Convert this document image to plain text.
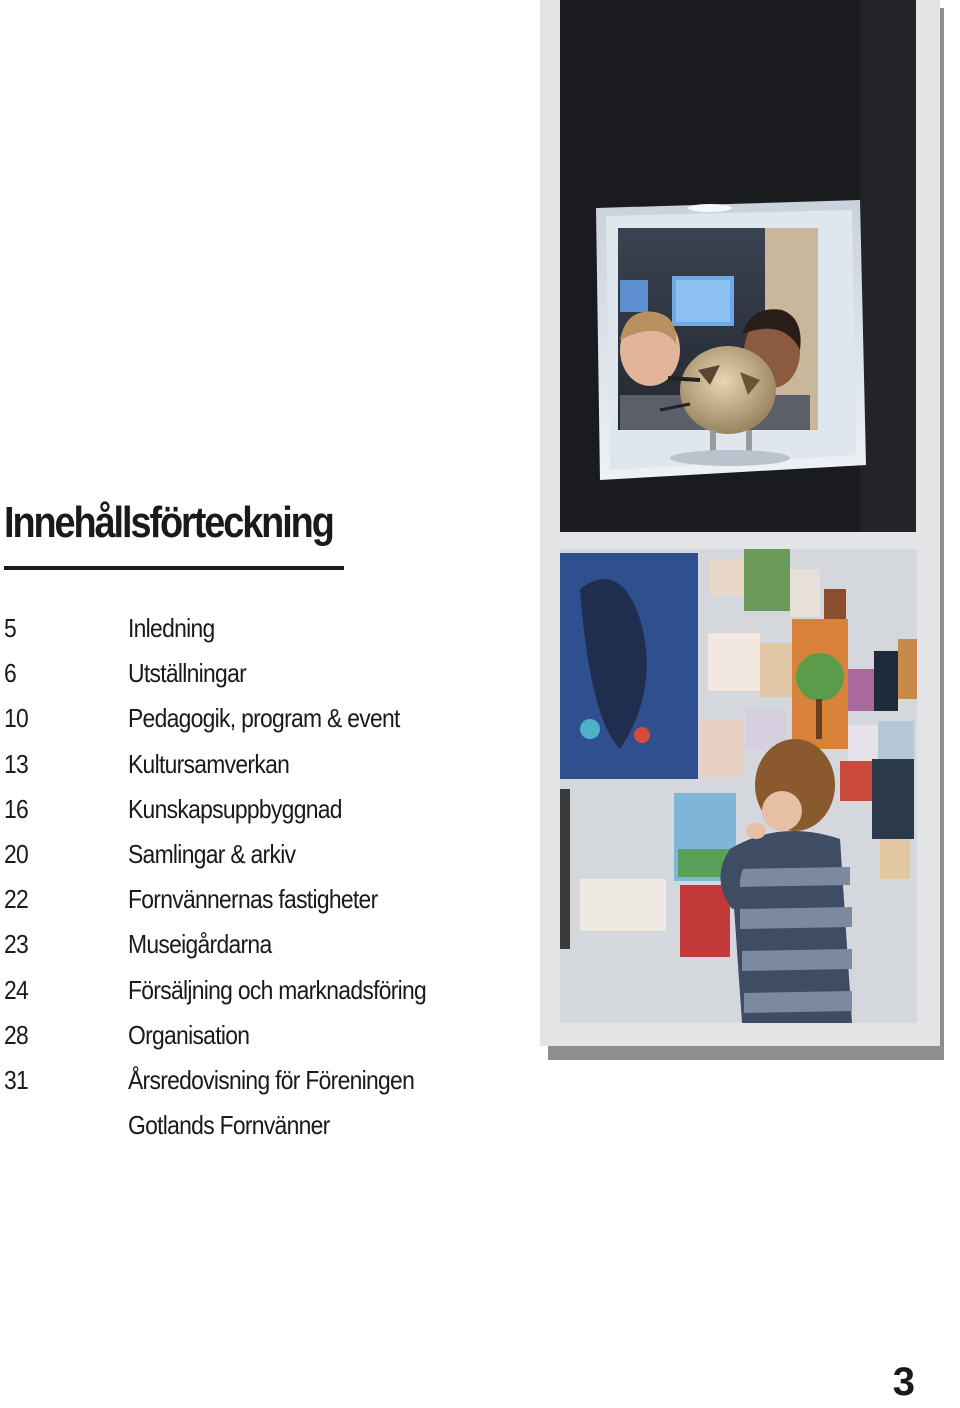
Innehållsförteckning
5	Inledning
6	Utställningar
10	Pedagogik, program & event
13	Kultursamverkan
16	Kunskapsuppbyggnad
20	Samlingar & arkiv
22	Fornvännernas fastigheter
23	Museigårdarna
24	Försäljning och marknadsföring
28	Organisation
31	Årsredovisning för Föreningen
Gotlands Fornvänner
3
